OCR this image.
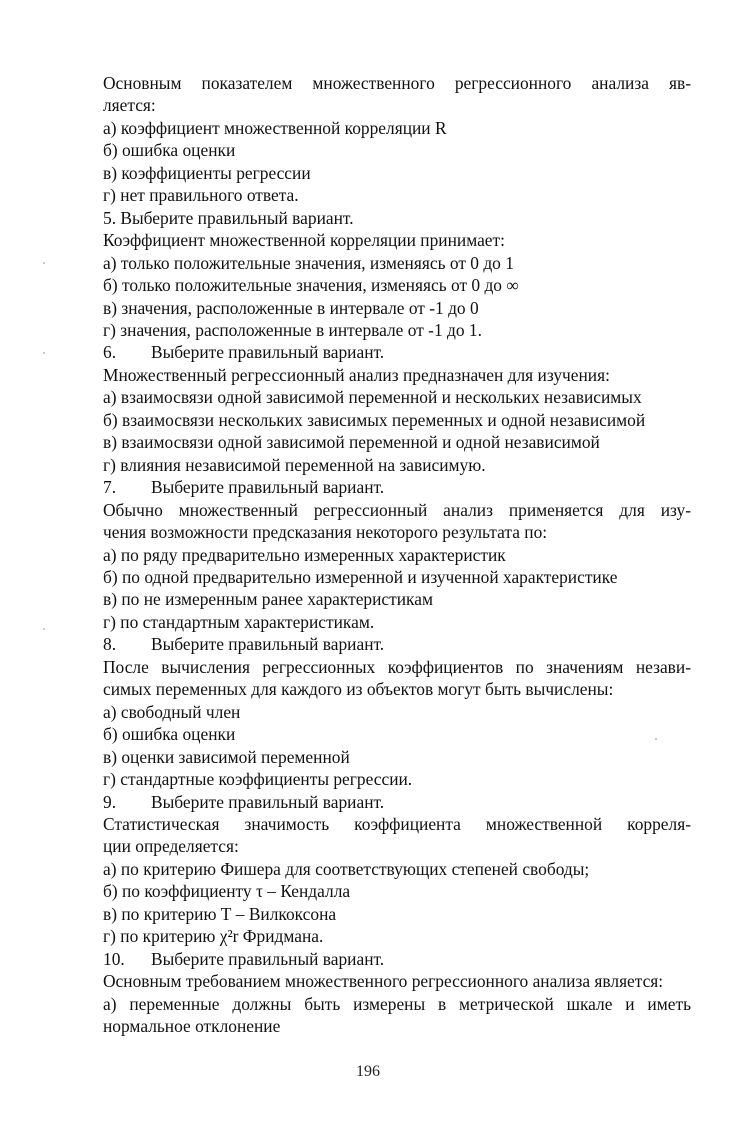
Основным показателем множественного регрессионного анализа яв-
ляется:
а) коэффициент множественной корреляции R
б) ошибка оценки
в) коэффициенты регрессии
г) нет правильного ответа.
5. Выберите правильный вариант.
Коэффициент множественной корреляции принимает:
а) только положительные значения, изменяясь от 0 до 1
б) только положительные значения, изменяясь от 0 до ∞
в) значения, расположенные в интервале от -1 до 0
г) значения, расположенные в интервале от -1 до 1.
6. Выберите правильный вариант.
Множественный регрессионный анализ предназначен для изучения:
а) взаимосвязи одной зависимой переменной и нескольких независимых
б) взаимосвязи нескольких зависимых переменных и одной независимой
в) взаимосвязи одной зависимой переменной и одной независимой
г) влияния независимой переменной на зависимую.
7. Выберите правильный вариант.
Обычно множественный регрессионный анализ применяется для изу-
чения возможности предсказания некоторого результата по:
а) по ряду предварительно измеренных характеристик
б) по одной предварительно измеренной и изученной характеристике
в) по не измеренным ранее характеристикам
г) по стандартным характеристикам.
8. Выберите правильный вариант.
После вычисления регрессионных коэффициентов по значениям незави-
симых переменных для каждого из объектов могут быть вычислены:
а) свободный член
б) ошибка оценки
в) оценки зависимой переменной
г) стандартные коэффициенты регрессии.
9. Выберите правильный вариант.
Статистическая значимость коэффициента множественной корреля-
ции определяется:
а) по критерию Фишера для соответствующих степеней свободы;
б) по коэффициенту τ – Кендалла
в) по критерию Т – Вилкоксона
г) по критерию χ²r Фридмана.
10. Выберите правильный вариант.
Основным требованием множественного регрессионного анализа является:
а) переменные должны быть измерены в метрической шкале и иметь
нормальное отклонение
196
